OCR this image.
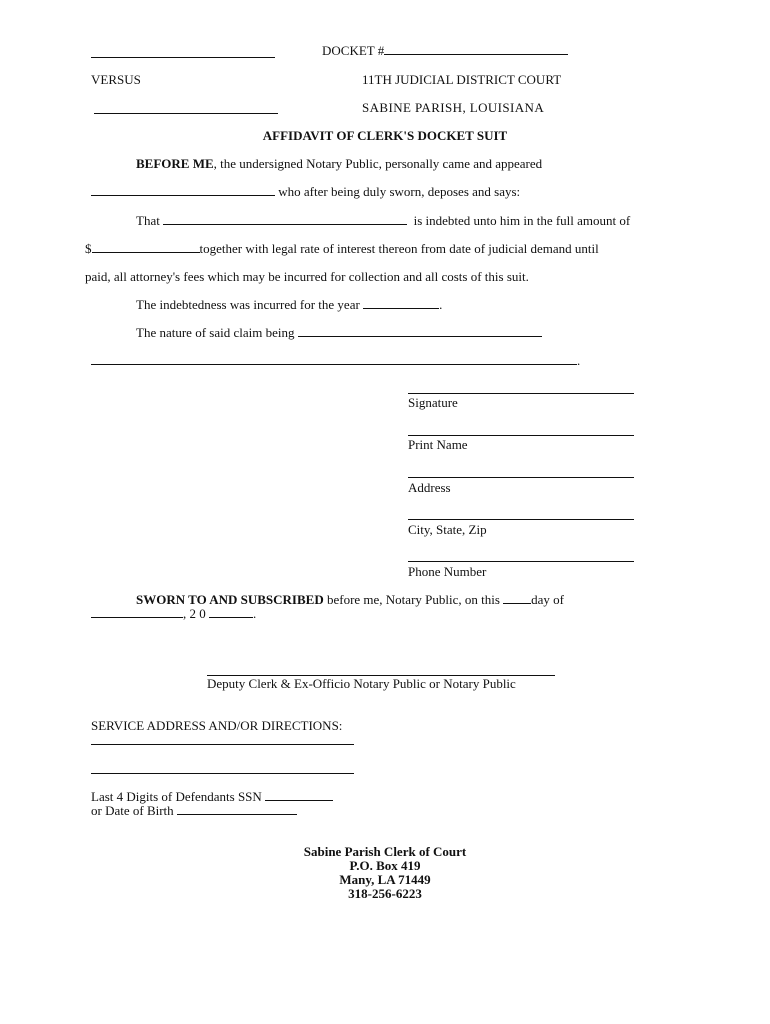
DOCKET #
VERSUS	11TH JUDICIAL DISTRICT COURT
SABINE PARISH, LOUISIANA
AFFIDAVIT OF CLERK'S DOCKET SUIT
BEFORE ME, the undersigned Notary Public, personally came and appeared
who after being duly sworn, deposes and says:
That	is indebted unto him in the full amount of
$	together with legal rate of interest thereon from date of judicial demand until
paid, all attorney's fees which may be incurred for collection and all costs of this suit.
The indebtedness was incurred for the year	.
The nature of said claim being
.
Signature
Print Name
Address
City, State, Zip
Phone Number
SWORN TO AND SUBSCRIBED before me, Notary Public, on this day of
, 2 0	.
Deputy Clerk & Ex-Officio Notary Public or Notary Public
SERVICE ADDRESS AND/OR DIRECTIONS:
Last 4 Digits of Defendants SSN
or Date of Birth
Sabine Parish Clerk of Court
P.O. Box 419
Many, LA 71449
318-256-6223
